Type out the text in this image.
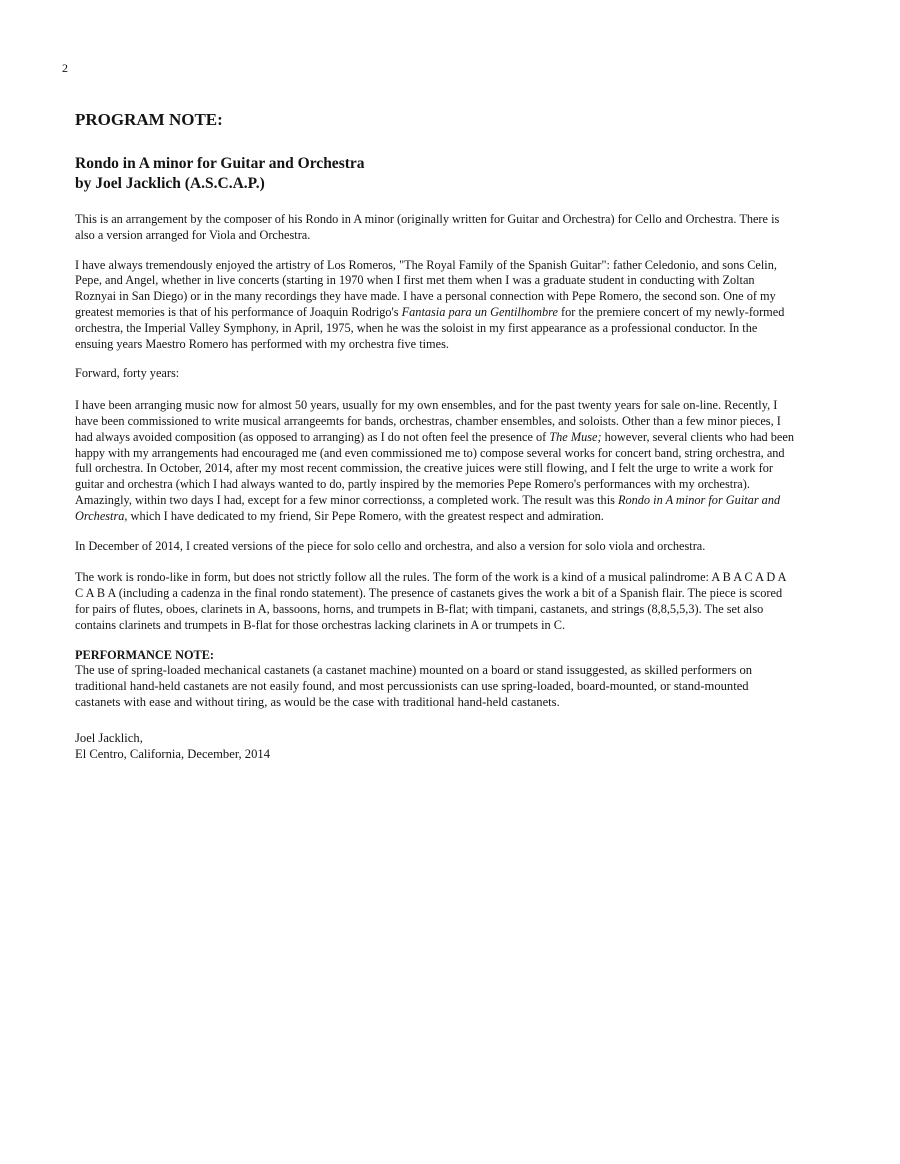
2
PROGRAM NOTE:
Rondo in A minor for Guitar and Orchestra
by Joel Jacklich (A.S.C.A.P.)

This is an arrangement by the composer of his Rondo in A minor (originally written for Guitar and Orchestra) for Cello and Orchestra. There is also a version arranged for Viola and Orchestra.

I have always tremendously enjoyed the artistry of Los Romeros, "The Royal Family of the Spanish Guitar": father Celedonio, and sons Celin, Pepe, and Angel, whether in live concerts (starting in 1970 when I first met them when I was a graduate student in conducting with Zoltan Roznyai in San Diego) or in the many recordings they have made. I have a personal connection with Pepe Romero, the second son. One of my greatest memories is that of his performance of Joaquin Rodrigo's Fantasia para un Gentilhombre for the premiere concert of my newly-formed orchestra, the Imperial Valley Symphony, in April, 1975, when he was the soloist in my first appearance as a professional conductor. In the ensuing years Maestro Romero has performed with my orchestra five times.

Forward, forty years:

I have been arranging music now for almost 50 years, usually for my own ensembles, and for the past twenty years for sale on-line. Recently, I have been commissioned to write musical arrangeemts for bands, orchestras, chamber ensembles, and soloists. Other than a few minor pieces, I had always avoided composition (as opposed to arranging) as I do not often feel the presence of The Muse; however, several clients who had been happy with my arrangements had encouraged me (and even commissioned me to) compose several works for concert band, string orchestra, and full orchestra. In October, 2014, after my most recent commission, the creative juices were still flowing, and I felt the urge to write a work for guitar and orchestra (which I had always wanted to do, partly inspired by the memories Pepe Romero's performances with my orchestra). Amazingly, within two days I had, except for a few minor correctionss, a completed work. The result was this Rondo in A minor for Guitar and Orchestra, which I have dedicated to my friend, Sir Pepe Romero, with the greatest respect and admiration.

In December of 2014, I created versions of the piece for solo cello and orchestra, and also a version for solo viola and orchestra.

The work is rondo-like in form, but does not strictly follow all the rules. The form of the work is a kind of a musical palindrome: A B A C A D A C A B A (including a cadenza in the final rondo statement). The presence of castanets gives the work a bit of a Spanish flair. The piece is scored for pairs of flutes, oboes, clarinets in A, bassoons, horns, and trumpets in B-flat; with timpani, castanets, and strings (8,8,5,5,3). The set also contains clarinets and trumpets in B-flat for those orchestras lacking clarinets in A or trumpets in C.

PERFORMANCE NOTE:
The use of spring-loaded mechanical castanets (a castanet machine) mounted on a board or stand issuggested, as skilled performers on traditional hand-held castanets are not easily found, and most percussionists can use spring-loaded, board-mounted, or stand-mounted castanets with ease and without tiring, as would be the case with traditional hand-held castanets.
Joel Jacklich,
El Centro, California, December, 2014
